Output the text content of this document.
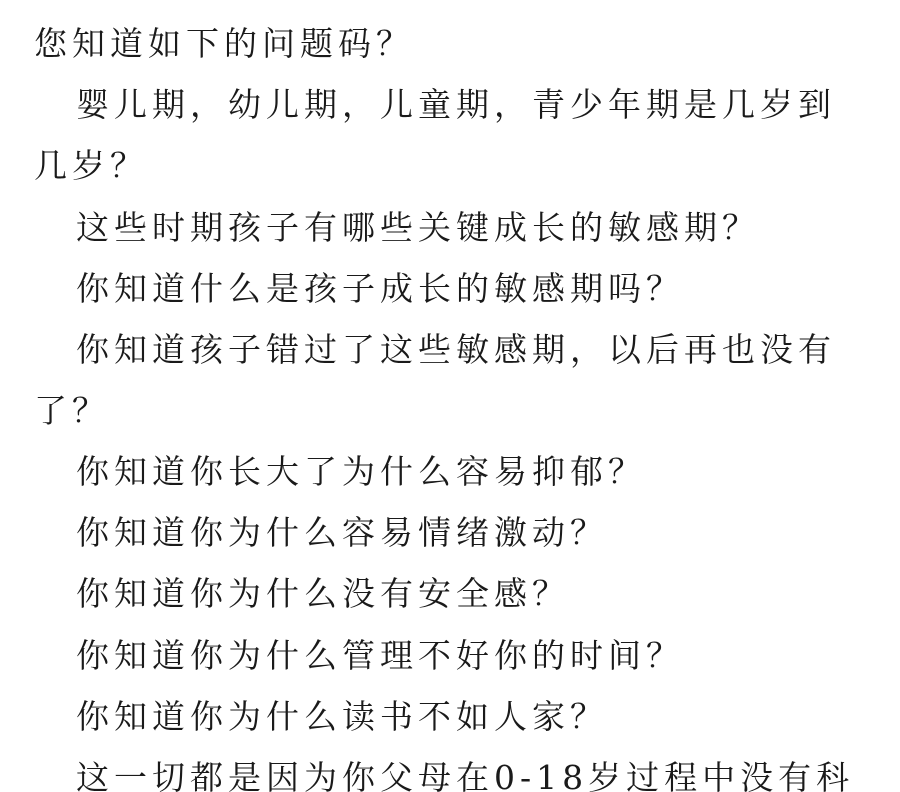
您知道如下的问题码？
婴儿期，幼儿期，儿童期，青少年期是几岁到
几岁？
这些时期孩子有哪些关键成长的敏感期？
你知道什么是孩子成长的敏感期吗？
你知道孩子错过了这些敏感期，以后再也没有
了？
你知道你长大了为什么容易抑郁？
你知道你为什么容易情绪激动？
你知道你为什么没有安全感？
你知道你为什么管理不好你的时间？
你知道你为什么读书不如人家？
这一切都是因为你父母在0-18岁过程中没有科
